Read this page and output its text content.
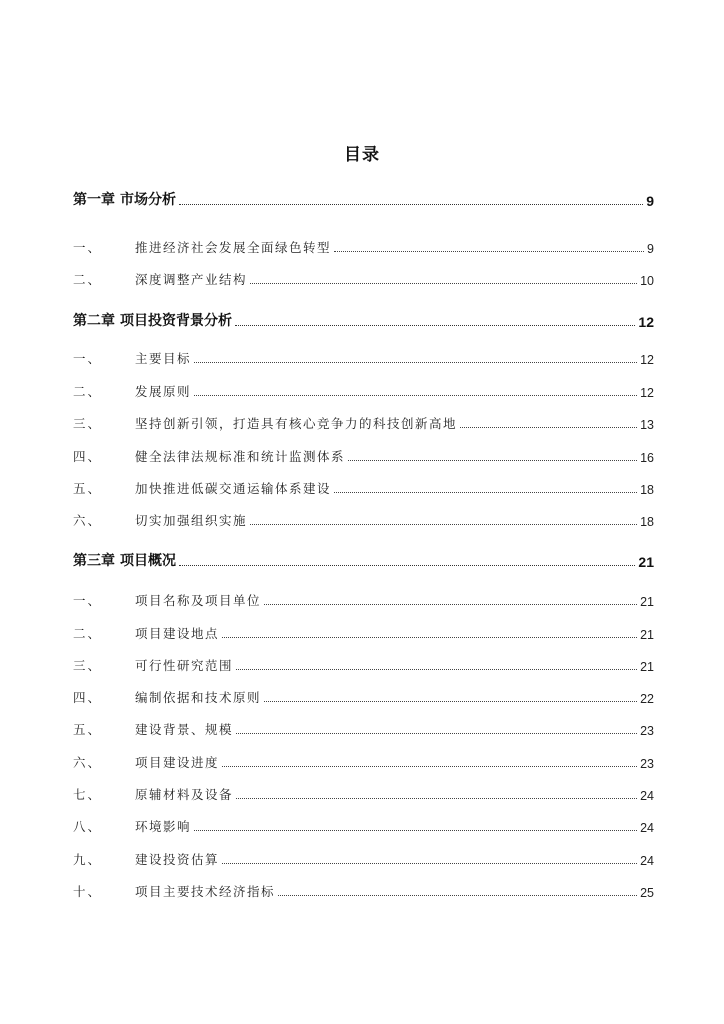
目录
第一章 市场分析	9
一、	推进经济社会发展全面绿色转型	9
二、	深度调整产业结构	10
第二章 项目投资背景分析	12
一、	主要目标	12
二、	发展原则	12
三、	坚持创新引领，打造具有核心竞争力的科技创新高地	13
四、	健全法律法规标准和统计监测体系	16
五、	加快推进低碳交通运输体系建设	18
六、	切实加强组织实施	18
第三章 项目概况	21
一、	项目名称及项目单位	21
二、	项目建设地点	21
三、	可行性研究范围	21
四、	编制依据和技术原则	22
五、	建设背景、规模	23
六、	项目建设进度	23
七、	原辅材料及设备	24
八、	环境影响	24
九、	建设投资估算	24
十、	项目主要技术经济指标	25
